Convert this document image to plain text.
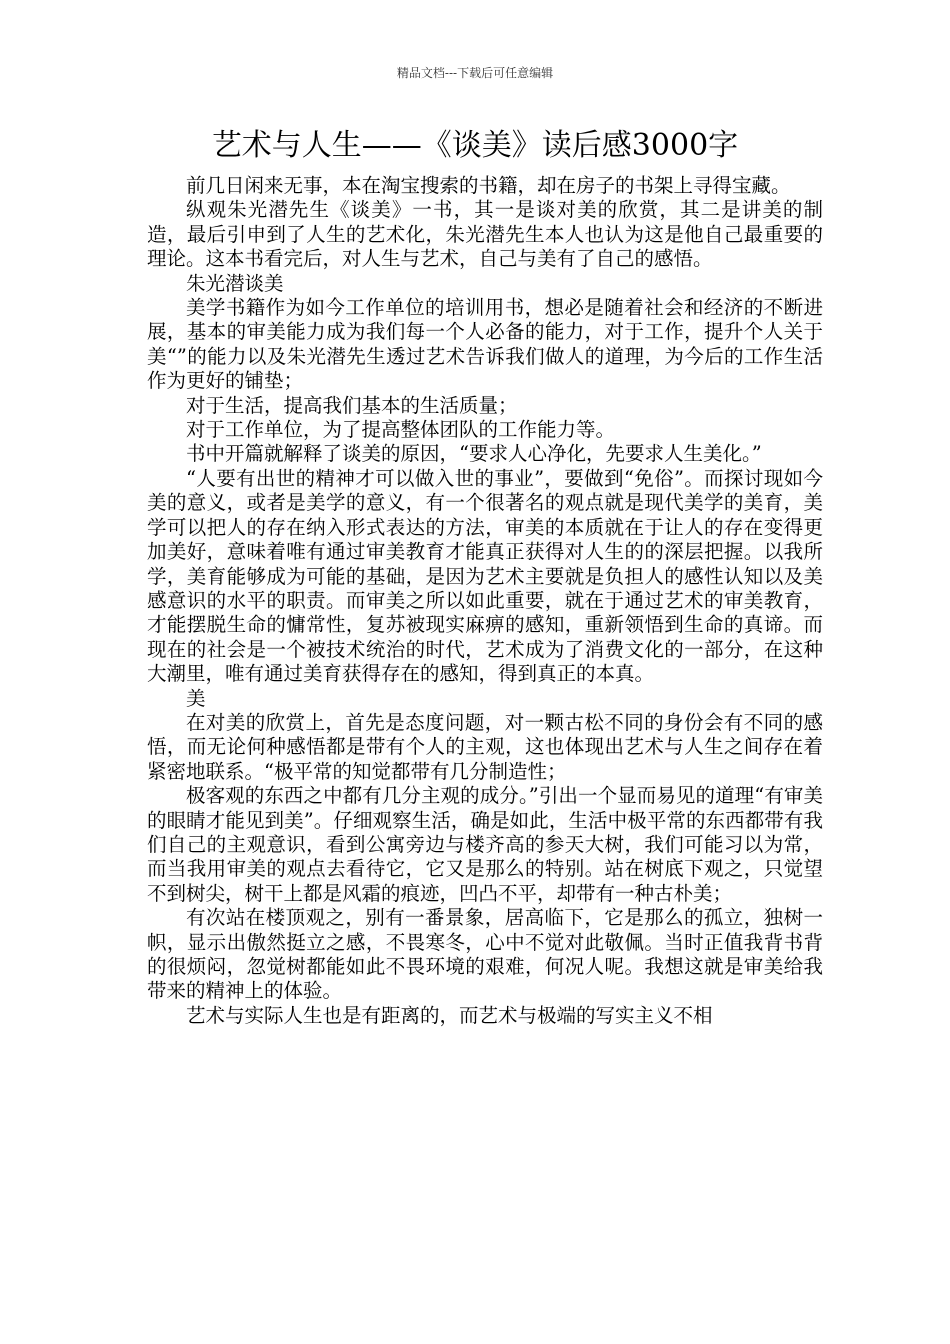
精品文档---下载后可任意编辑
艺术与人生——《谈美》读后感3000字

前几日闲来无事，本在淘宝搜索的书籍，却在房子的书架上寻得宝藏。

纵观朱光潜先生《谈美》一书，其一是谈对美的欣赏，其二是讲美的制造，最后引申到了人生的艺术化，朱光潜先生本人也认为这是他自己最重要的理论。这本书看完后，对人生与艺术，自己与美有了自己的感悟。

朱光潜谈美

美学书籍作为如今工作单位的培训用书，想必是随着社会和经济的不断进展，基本的审美能力成为我们每一个人必备的能力，对于工作，提升个人关于美“”的能力以及朱光潜先生透过艺术告诉我们做人的道理，为今后的工作生活作为更好的铺垫；

对于生活，提高我们基本的生活质量；

对于工作单位，为了提高整体团队的工作能力等。

书中开篇就解释了谈美的原因，“要求人心净化，先要求人生美化。”

“人要有出世的精神才可以做入世的事业”，要做到“免俗”。而探讨现如今美的意义，或者是美学的意义，有一个很著名的观点就是现代美学的美育，美学可以把人的存在纳入形式表达的方法，审美的本质就在于让人的存在变得更加美好，意味着唯有通过审美教育才能真正获得对人生的的深层把握。以我所学，美育能够成为可能的基础，是因为艺术主要就是负担人的感性认知以及美感意识的水平的职责。而审美之所以如此重要，就在于通过艺术的审美教育，才能摆脱生命的慵常性，复苏被现实麻痹的感知，重新领悟到生命的真谛。而现在的社会是一个被技术统治的时代，艺术成为了消费文化的一部分，在这种大潮里，唯有通过美育获得存在的感知，得到真正的本真。

美

在对美的欣赏上，首先是态度问题，对一颗古松不同的身份会有不同的感悟，而无论何种感悟都是带有个人的主观，这也体现出艺术与人生之间存在着紧密地联系。“极平常的知觉都带有几分制造性；

极客观的东西之中都有几分主观的成分。”引出一个显而易见的道理“有审美的眼睛才能见到美”。仔细观察生活，确是如此，生活中极平常的东西都带有我们自己的主观意识，看到公寓旁边与楼齐高的参天大树，我们可能习以为常，而当我用审美的观点去看待它，它又是那么的特别。站在树底下观之，只觉望不到树尖，树干上都是风霜的痕迹，凹凸不平，却带有一种古朴美；

有次站在楼顶观之，别有一番景象，居高临下，它是那么的孤立，独树一帜，显示出傲然挺立之感，不畏寒冬，心中不觉对此敬佩。当时正值我背书背的很烦闷，忽觉树都能如此不畏环境的艰难，何况人呢。我想这就是审美给我带来的精神上的体验。

艺术与实际人生也是有距离的，而艺术与极端的写实主义不相
